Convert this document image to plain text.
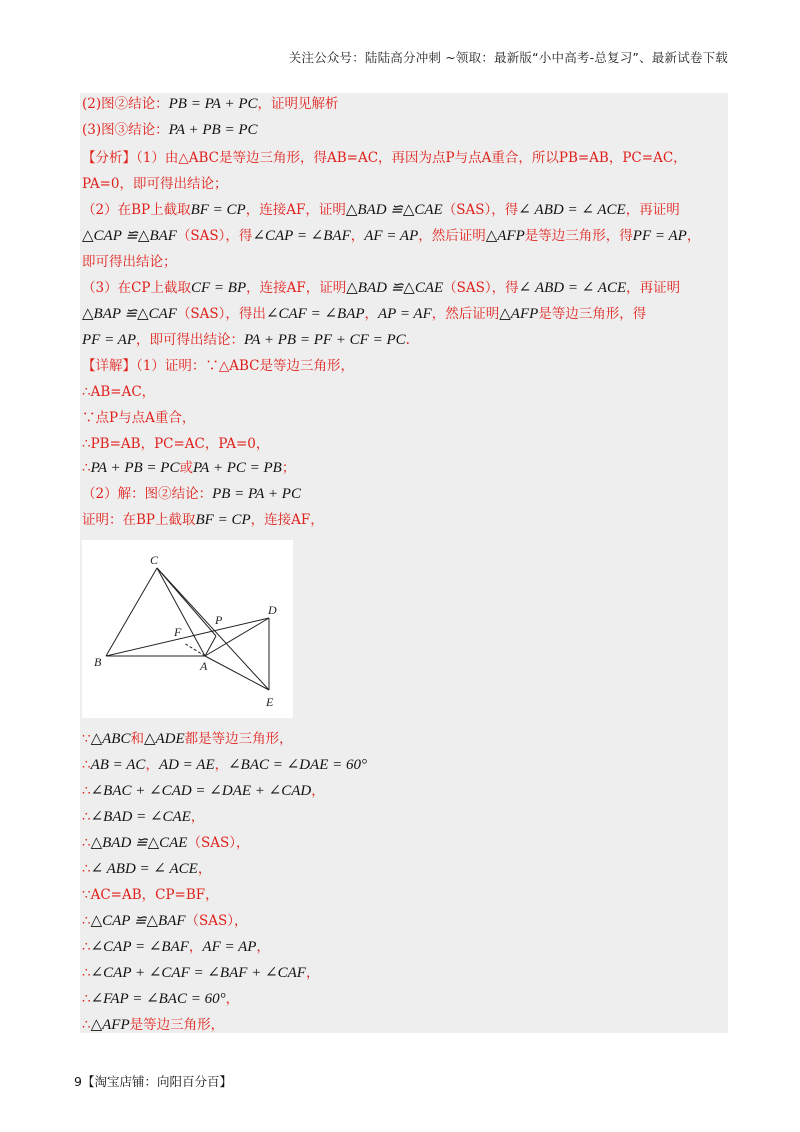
关注公众号：陆陆高分冲刺 ~领取：最新版“小中高考-总复习”、最新试卷下载
(2)图②结论：PB = PA + PC，证明见解析
(3)图③结论：PA + PB = PC
【分析】（1）由△ABC是等边三角形，得AB=AC，再因为点P与点A重合，所以PB=AB，PC=AC，
PA=0，即可得出结论；
（2）在BP上截取BF = CP，连接AF，证明△BAD ≌△CAE（SAS），得∠ ABD = ∠ ACE，再证明
△CAP ≌△BAF（SAS），得∠CAP = ∠BAF，AF = AP，然后证明△AFP是等边三角形，得PF = AP，
即可得出结论；
（3）在CP上截取CF = BP，连接AF，证明△BAD ≌△CAE（SAS），得∠ ABD = ∠ ACE，再证明
△BAP ≌△CAF（SAS），得出∠CAF = ∠BAP，AP = AF，然后证明△AFP是等边三角形，得
PF = AP，即可得出结论：PA + PB = PF + CF = PC.
【详解】（1）证明：∵△ABC是等边三角形，
∴AB=AC，
∵点P与点A重合，
∴PB=AB，PC=AC，PA=0，
∴PA + PB = PC或PA + PC = PB；
（2）解：图②结论：PB = PA + PC
证明：在BP上截取BF = CP，连接AF，
∵△ABC和△ADE都是等边三角形，
∴AB = AC，AD = AE，∠BAC = ∠DAE = 60°
∴∠BAC + ∠CAD = ∠DAE + ∠CAD，
∴∠BAD = ∠CAE，
∴△BAD ≌△CAE（SAS），
∴∠ ABD = ∠ ACE，
∵AC=AB，CP=BF，
∴△CAP ≌△BAF（SAS），
∴∠CAP = ∠BAF，AF = AP，
∴∠CAP + ∠CAF = ∠BAF + ∠CAF，
∴∠FAP = ∠BAC = 60°，
∴△AFP是等边三角形，
C
D
P
F
B	A
E
9【淘宝店铺：向阳百分百】
